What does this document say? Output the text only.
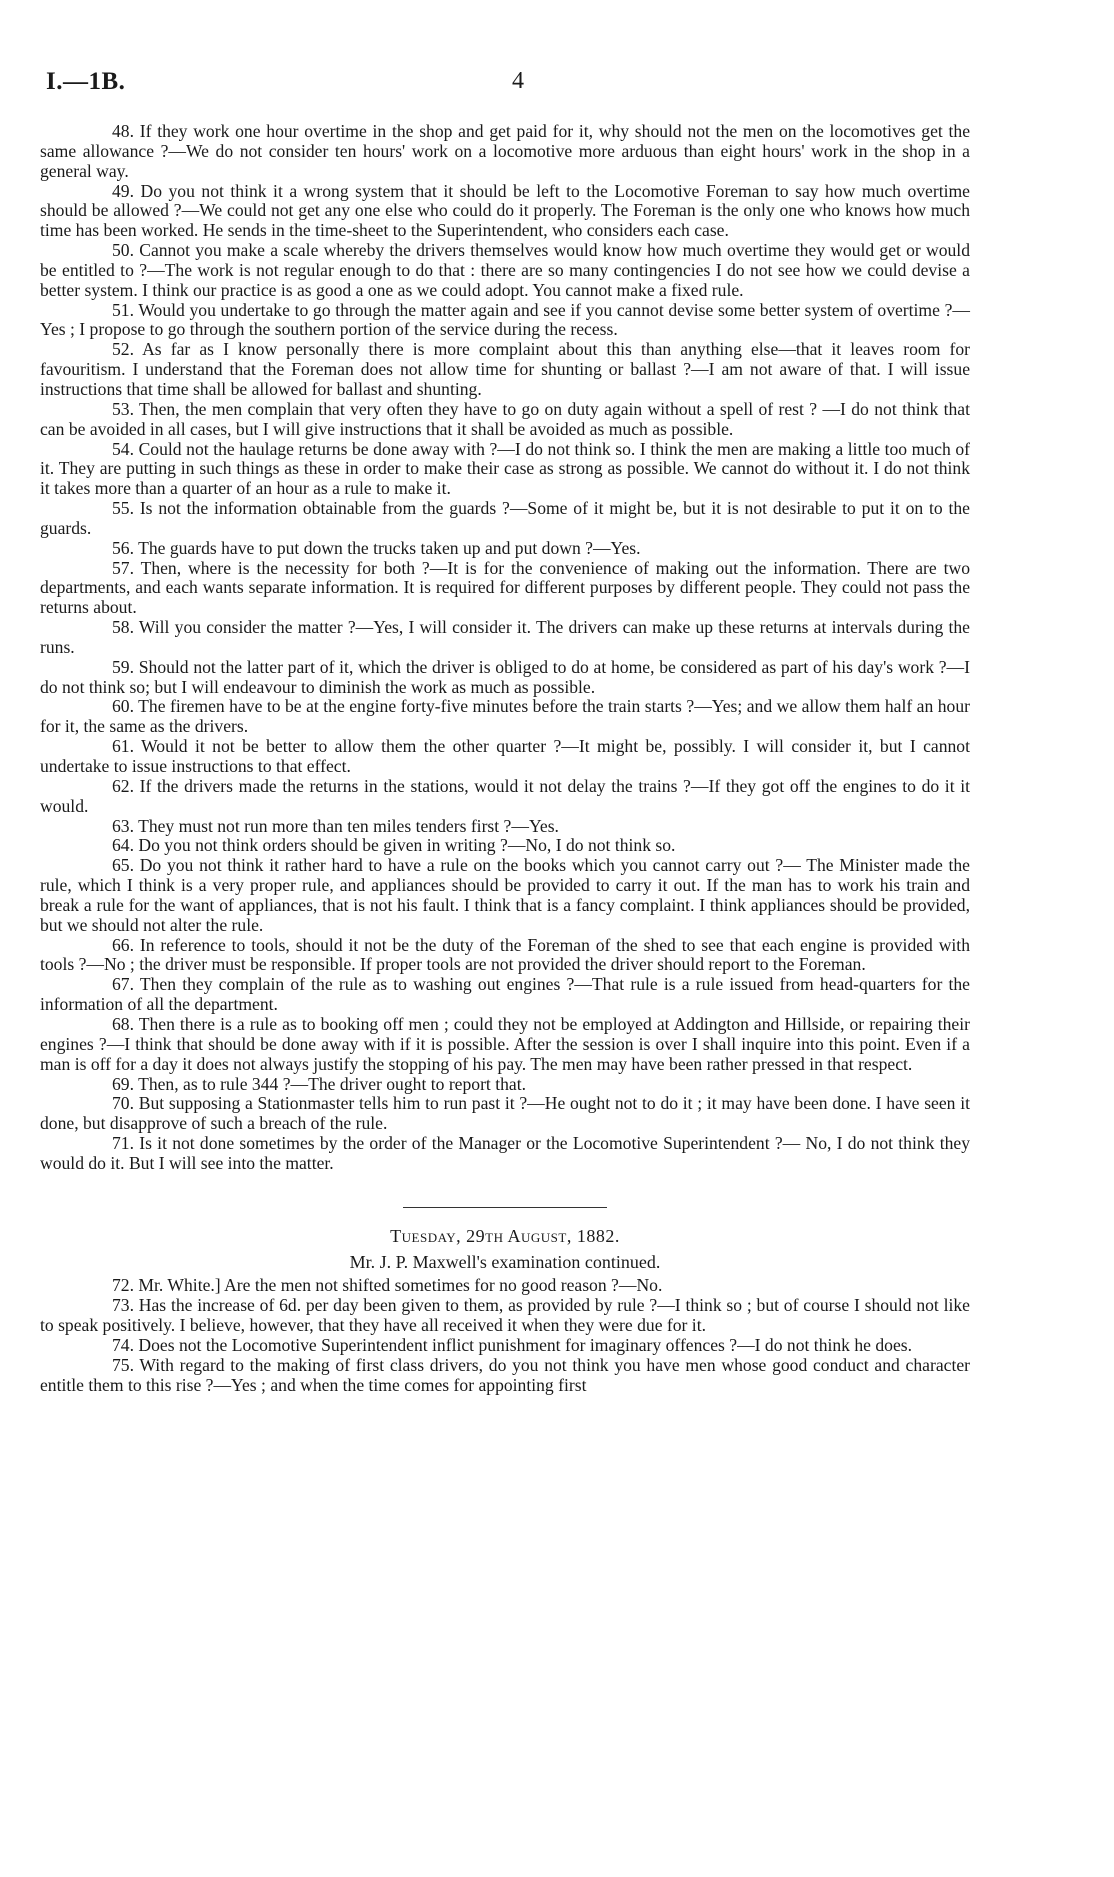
I.—1B.	4

48. If they work one hour overtime in the shop and get paid for it, why should not the men on the locomotives get the same allowance ?—We do not consider ten hours' work on a locomotive more arduous than eight hours' work in the shop in a general way.

49. Do you not think it a wrong system that it should be left to the Locomotive Foreman to say how much overtime should be allowed ?—We could not get any one else who could do it properly. The Foreman is the only one who knows how much time has been worked. He sends in the time-sheet to the Superintendent, who considers each case.

50. Cannot you make a scale whereby the drivers themselves would know how much overtime they would get or would be entitled to ?—The work is not regular enough to do that : there are so many contingencies I do not see how we could devise a better system. I think our practice is as good a one as we could adopt. You cannot make a fixed rule.

51. Would you undertake to go through the matter again and see if you cannot devise some better system of overtime ?—Yes ; I propose to go through the southern portion of the service during the recess.

52. As far as I know personally there is more complaint about this than anything else—that it leaves room for favouritism. I understand that the Foreman does not allow time for shunting or ballast ?—I am not aware of that. I will issue instructions that time shall be allowed for ballast and shunting.

53. Then, the men complain that very often they have to go on duty again without a spell of rest ? —I do not think that can be avoided in all cases, but I will give instructions that it shall be avoided as much as possible.

54. Could not the haulage returns be done away with ?—I do not think so. I think the men are making a little too much of it. They are putting in such things as these in order to make their case as strong as possible. We cannot do without it. I do not think it takes more than a quarter of an hour as a rule to make it.

55. Is not the information obtainable from the guards ?—Some of it might be, but it is not desirable to put it on to the guards.

56. The guards have to put down the trucks taken up and put down ?—Yes.

57. Then, where is the necessity for both ?—It is for the convenience of making out the information. There are two departments, and each wants separate information. It is required for different purposes by different people. They could not pass the returns about.

58. Will you consider the matter ?—Yes, I will consider it. The drivers can make up these returns at intervals during the runs.

59. Should not the latter part of it, which the driver is obliged to do at home, be considered as part of his day's work ?—I do not think so; but I will endeavour to diminish the work as much as possible.

60. The firemen have to be at the engine forty-five minutes before the train starts ?—Yes; and we allow them half an hour for it, the same as the drivers.

61. Would it not be better to allow them the other quarter ?—It might be, possibly. I will consider it, but I cannot undertake to issue instructions to that effect.

62. If the drivers made the returns in the stations, would it not delay the trains ?—If they got off the engines to do it it would.

63. They must not run more than ten miles tenders first ?—Yes.

64. Do you not think orders should be given in writing ?—No, I do not think so.

65. Do you not think it rather hard to have a rule on the books which you cannot carry out ?— The Minister made the rule, which I think is a very proper rule, and appliances should be provided to carry it out. If the man has to work his train and break a rule for the want of appliances, that is not his fault. I think that is a fancy complaint. I think appliances should be provided, but we should not alter the rule.

66. In reference to tools, should it not be the duty of the Foreman of the shed to see that each engine is provided with tools ?—No ; the driver must be responsible. If proper tools are not provided the driver should report to the Foreman.

67. Then they complain of the rule as to washing out engines ?—That rule is a rule issued from head-quarters for the information of all the department.

68. Then there is a rule as to booking off men ; could they not be employed at Addington and Hillside, or repairing their engines ?—I think that should be done away with if it is possible. After the session is over I shall inquire into this point. Even if a man is off for a day it does not always justify the stopping of his pay. The men may have been rather pressed in that respect.

69. Then, as to rule 344 ?—The driver ought to report that.

70. But supposing a Stationmaster tells him to run past it ?—He ought not to do it ; it may have been done. I have seen it done, but disapprove of such a breach of the rule.

71. Is it not done sometimes by the order of the Manager or the Locomotive Superintendent ?— No, I do not think they would do it. But I will see into the matter.

Tuesday, 29th August, 1882.
Mr. J. P. Maxwell's examination continued.

72. Mr. White.] Are the men not shifted sometimes for no good reason ?—No.

73. Has the increase of 6d. per day been given to them, as provided by rule ?—I think so ; but of course I should not like to speak positively. I believe, however, that they have all received it when they were due for it.

74. Does not the Locomotive Superintendent inflict punishment for imaginary offences ?—I do not think he does.

75. With regard to the making of first class drivers, do you not think you have men whose good conduct and character entitle them to this rise ?—Yes ; and when the time comes for appointing first
